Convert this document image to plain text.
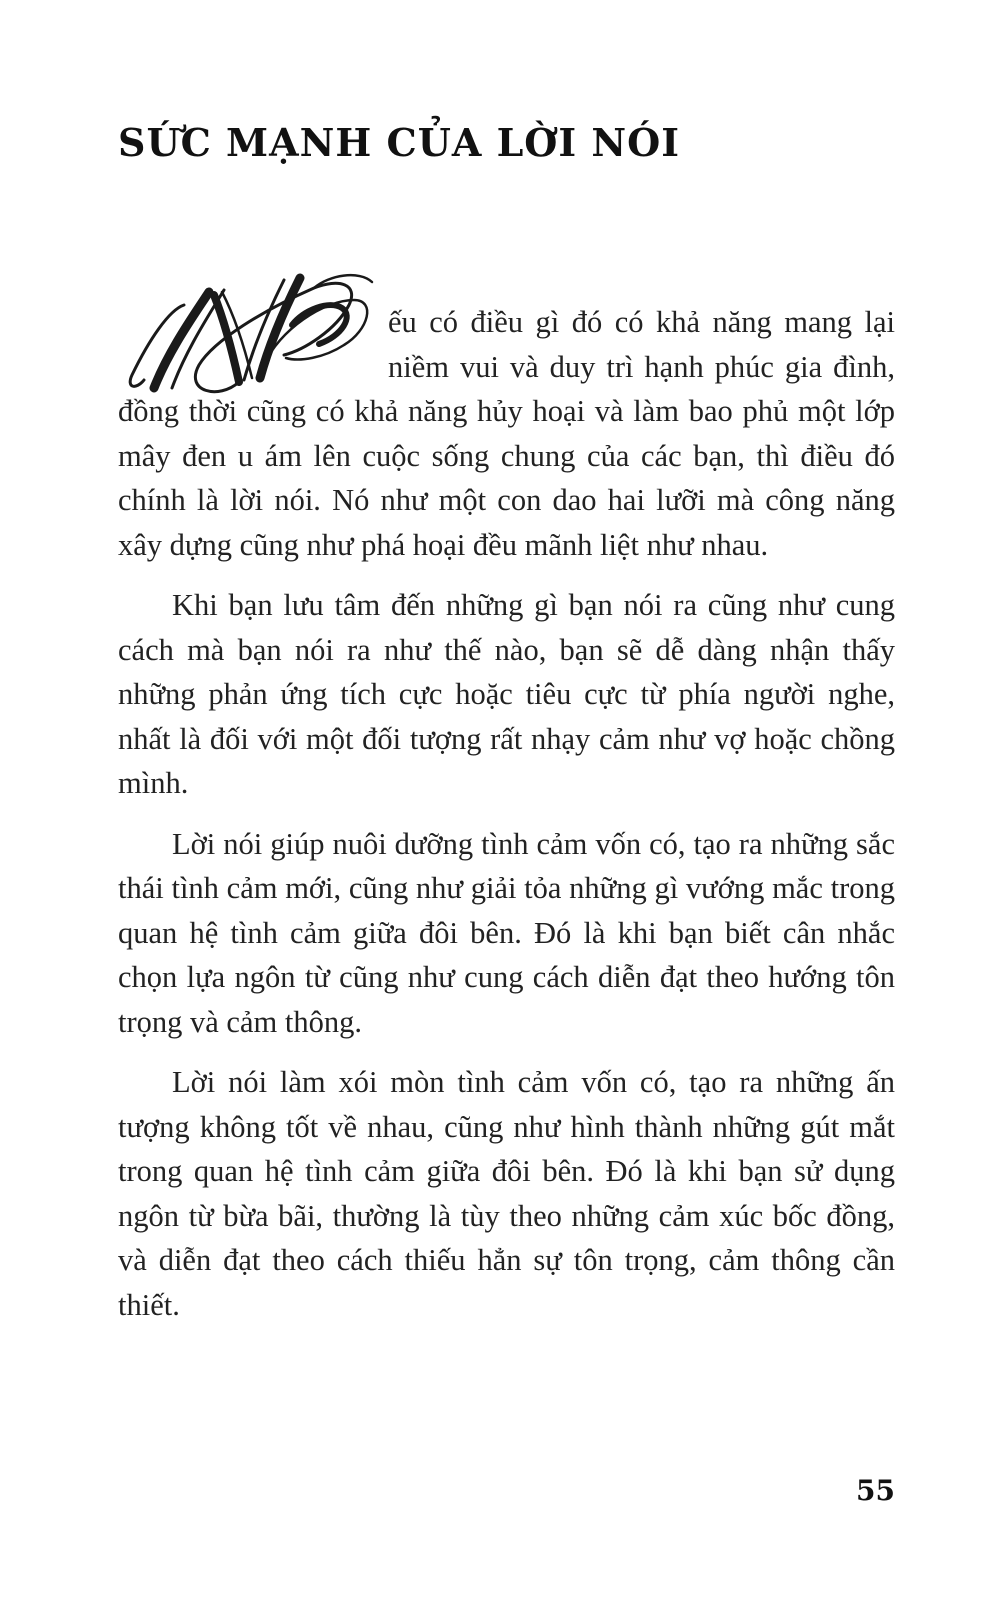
SỨC MẠNH CỦA LỜI NÓI

ếu có điều gì đó có khả năng mang lại niềm vui và duy trì hạnh phúc gia đình, đồng thời cũng có khả năng hủy hoại và làm bao phủ một lớp mây đen u ám lên cuộc sống chung của các bạn, thì điều đó chính là lời nói. Nó như một con dao hai lưỡi mà công năng xây dựng cũng như phá hoại đều mãnh liệt như nhau.

Khi bạn lưu tâm đến những gì bạn nói ra cũng như cung cách mà bạn nói ra như thế nào, bạn sẽ dễ dàng nhận thấy những phản ứng tích cực hoặc tiêu cực từ phía người nghe, nhất là đối với một đối tượng rất nhạy cảm như vợ hoặc chồng mình.

Lời nói giúp nuôi dưỡng tình cảm vốn có, tạo ra những sắc thái tình cảm mới, cũng như giải tỏa những gì vướng mắc trong quan hệ tình cảm giữa đôi bên. Đó là khi bạn biết cân nhắc chọn lựa ngôn từ cũng như cung cách diễn đạt theo hướng tôn trọng và cảm thông.

Lời nói làm xói mòn tình cảm vốn có, tạo ra những ấn tượng không tốt về nhau, cũng như hình thành những gút mắt trong quan hệ tình cảm giữa đôi bên. Đó là khi bạn sử dụng ngôn từ bừa bãi, thường là tùy theo những cảm xúc bốc đồng, và diễn đạt theo cách thiếu hẳn sự tôn trọng, cảm thông cần thiết.

55
